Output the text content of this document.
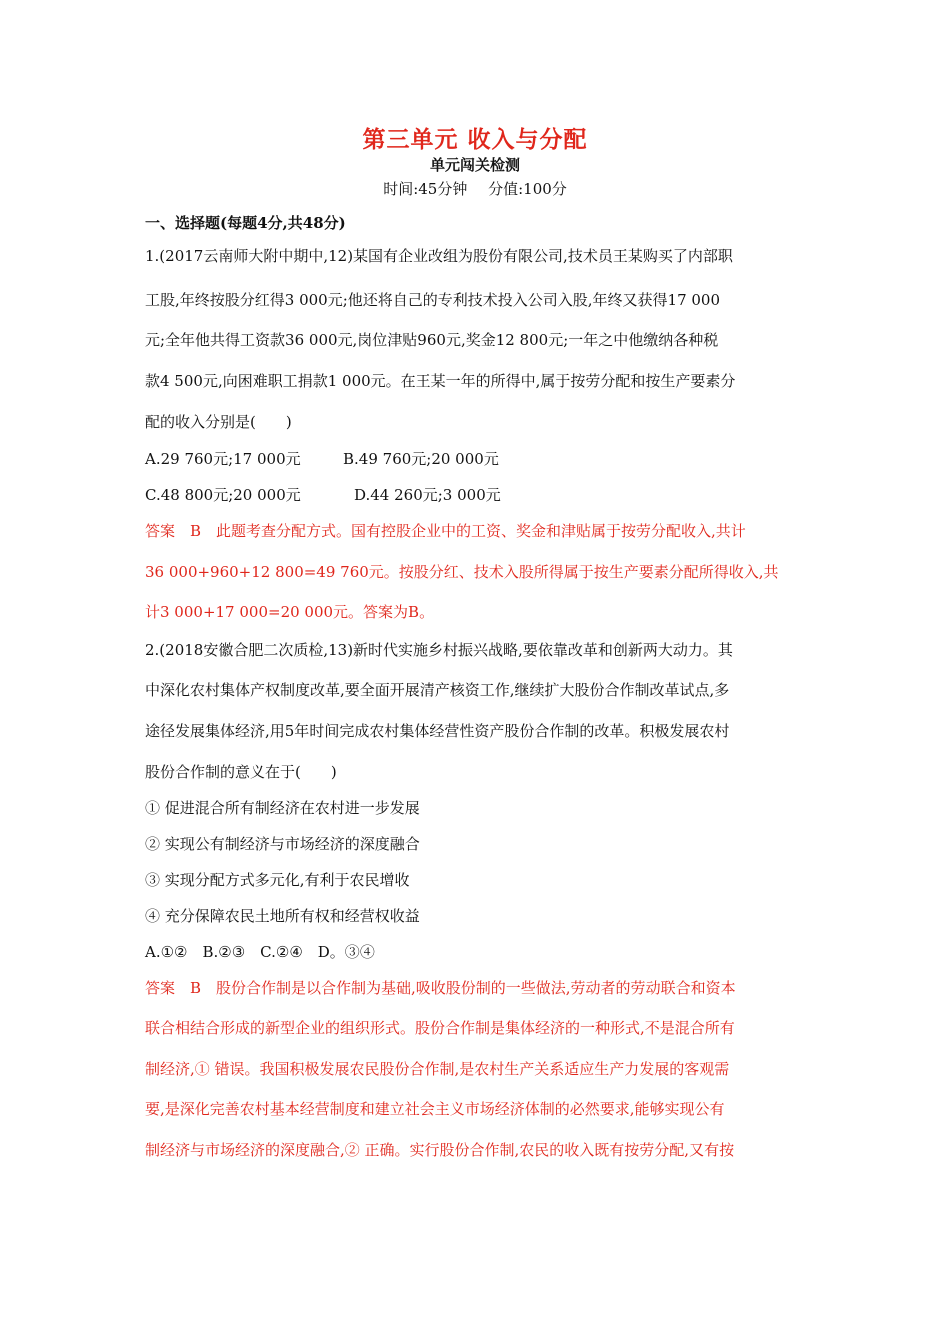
第三单元 收入与分配
单元闯关检测
时间:45分钟 分值:100分
一、选择题(每题4分,共48分)
1.(2017云南师大附中期中,12)某国有企业改组为股份有限公司,技术员王某购买了内部职
工股,年终按股分红得3 000元;他还将自己的专利技术投入公司入股,年终又获得17 000
元;全年他共得工资款36 000元,岗位津贴960元,奖金12 800元;一年之中他缴纳各种税
款4 500元,向困难职工捐款1 000元。在王某一年的所得中,属于按劳分配和按生产要素分
配的收入分别是(　　)
A.29 760元;17 000元	B.49 760元;20 000元
C.48 800元;20 000元	D.44 260元;3 000元
答案　B　此题考查分配方式。国有控股企业中的工资、奖金和津贴属于按劳分配收入,共计
36 000+960+12 800=49 760元。按股分红、技术入股所得属于按生产要素分配所得收入,共
计3 000+17 000=20 000元。答案为B。
2.(2018安徽合肥二次质检,13)新时代实施乡村振兴战略,要依靠改革和创新两大动力。其
中深化农村集体产权制度改革,要全面开展清产核资工作,继续扩大股份合作制改革试点,多
途径发展集体经济,用5年时间完成农村集体经营性资产股份合作制的改革。积极发展农村
股份合作制的意义在于(　　)
① 促进混合所有制经济在农村进一步发展
② 实现公有制经济与市场经济的深度融合
③ 实现分配方式多元化,有利于农民增收
④ 充分保障农民土地所有权和经营权收益
A.①②　B.②③　C.②④　D。③④
答案　B　股份合作制是以合作制为基础,吸收股份制的一些做法,劳动者的劳动联合和资本
联合相结合形成的新型企业的组织形式。股份合作制是集体经济的一种形式,不是混合所有
制经济,① 错误。我国积极发展农民股份合作制,是农村生产关系适应生产力发展的客观需
要,是深化完善农村基本经营制度和建立社会主义市场经济体制的必然要求,能够实现公有
制经济与市场经济的深度融合,② 正确。实行股份合作制,农民的收入既有按劳分配,又有按
